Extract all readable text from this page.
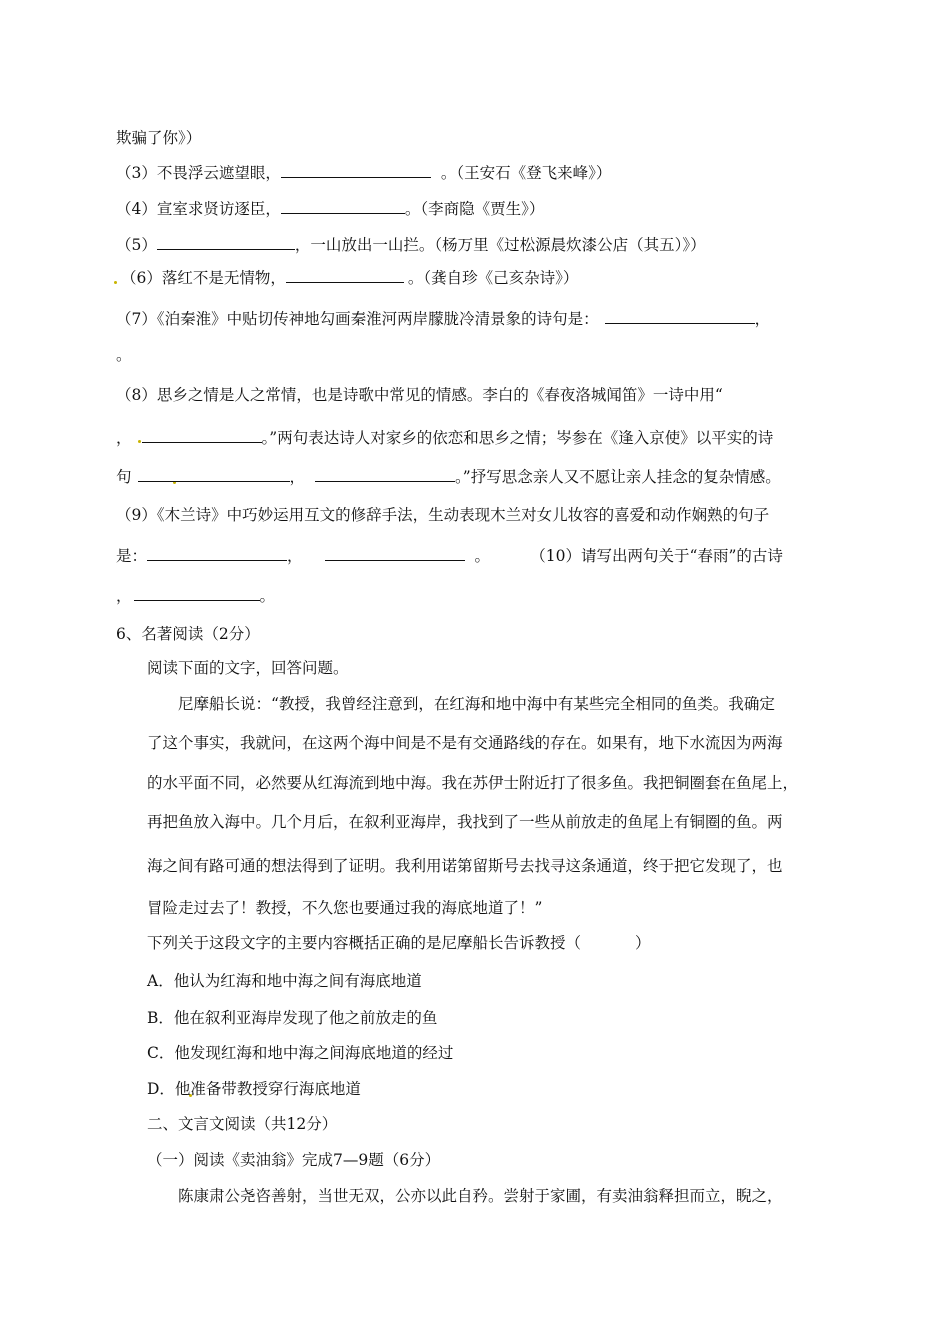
欺骗了你》）
（3）不畏浮云遮望眼，	。（王安石《登飞来峰》）
（4）宣室求贤访逐臣，	。（李商隐《贾生》）
（5）	，一山放出一山拦。（杨万里《过松源晨炊漆公店（其五）》）
（6）落红不是无情物，	。（龚自珍《己亥杂诗》）
（7）《泊秦淮》中贴切传神地勾画秦淮河两岸朦胧冷清景象的诗句是：	，
。
（8）思乡之情是人之常情，也是诗歌中常见的情感。李白的《春夜洛城闻笛》一诗中用“
，	。”两句表达诗人对家乡的依恋和思乡之情；岑参在《逢入京使》以平实的诗
句	，	。”抒写思念亲人又不愿让亲人挂念的复杂情感。
（9）《木兰诗》中巧妙运用互文的修辞手法，生动表现木兰对女儿妆容的喜爱和动作娴熟的句子
是：	，	。	（10）请写出两句关于“春雨”的古诗
，	。
6、名著阅读（2分）
阅读下面的文字，回答问题。
尼摩船长说：“教授，我曾经注意到，在红海和地中海中有某些完全相同的鱼类。我确定
了这个事实，我就问，在这两个海中间是不是有交通路线的存在。如果有，地下水流因为两海
的水平面不同，必然要从红海流到地中海。我在苏伊士附近打了很多鱼。我把铜圈套在鱼尾上，
再把鱼放入海中。几个月后，在叙利亚海岸，我找到了一些从前放走的鱼尾上有铜圈的鱼。两
海之间有路可通的想法得到了证明。我利用诺第留斯号去找寻这条通道，终于把它发现了，也
冒险走过去了！教授，不久您也要通过我的海底地道了！”
下列关于这段文字的主要内容概括正确的是尼摩船长告诉教授（	）
A．他认为红海和地中海之间有海底地道
B．他在叙利亚海岸发现了他之前放走的鱼
C．他发现红海和地中海之间海底地道的经过
D．他准备带教授穿行海底地道
二、文言文阅读（共12分）
（一）阅读《卖油翁》完成7—9题（6分）
陈康肃公尧咨善射，当世无双，公亦以此自矜。尝射于家圃，有卖油翁释担而立，睨之，
